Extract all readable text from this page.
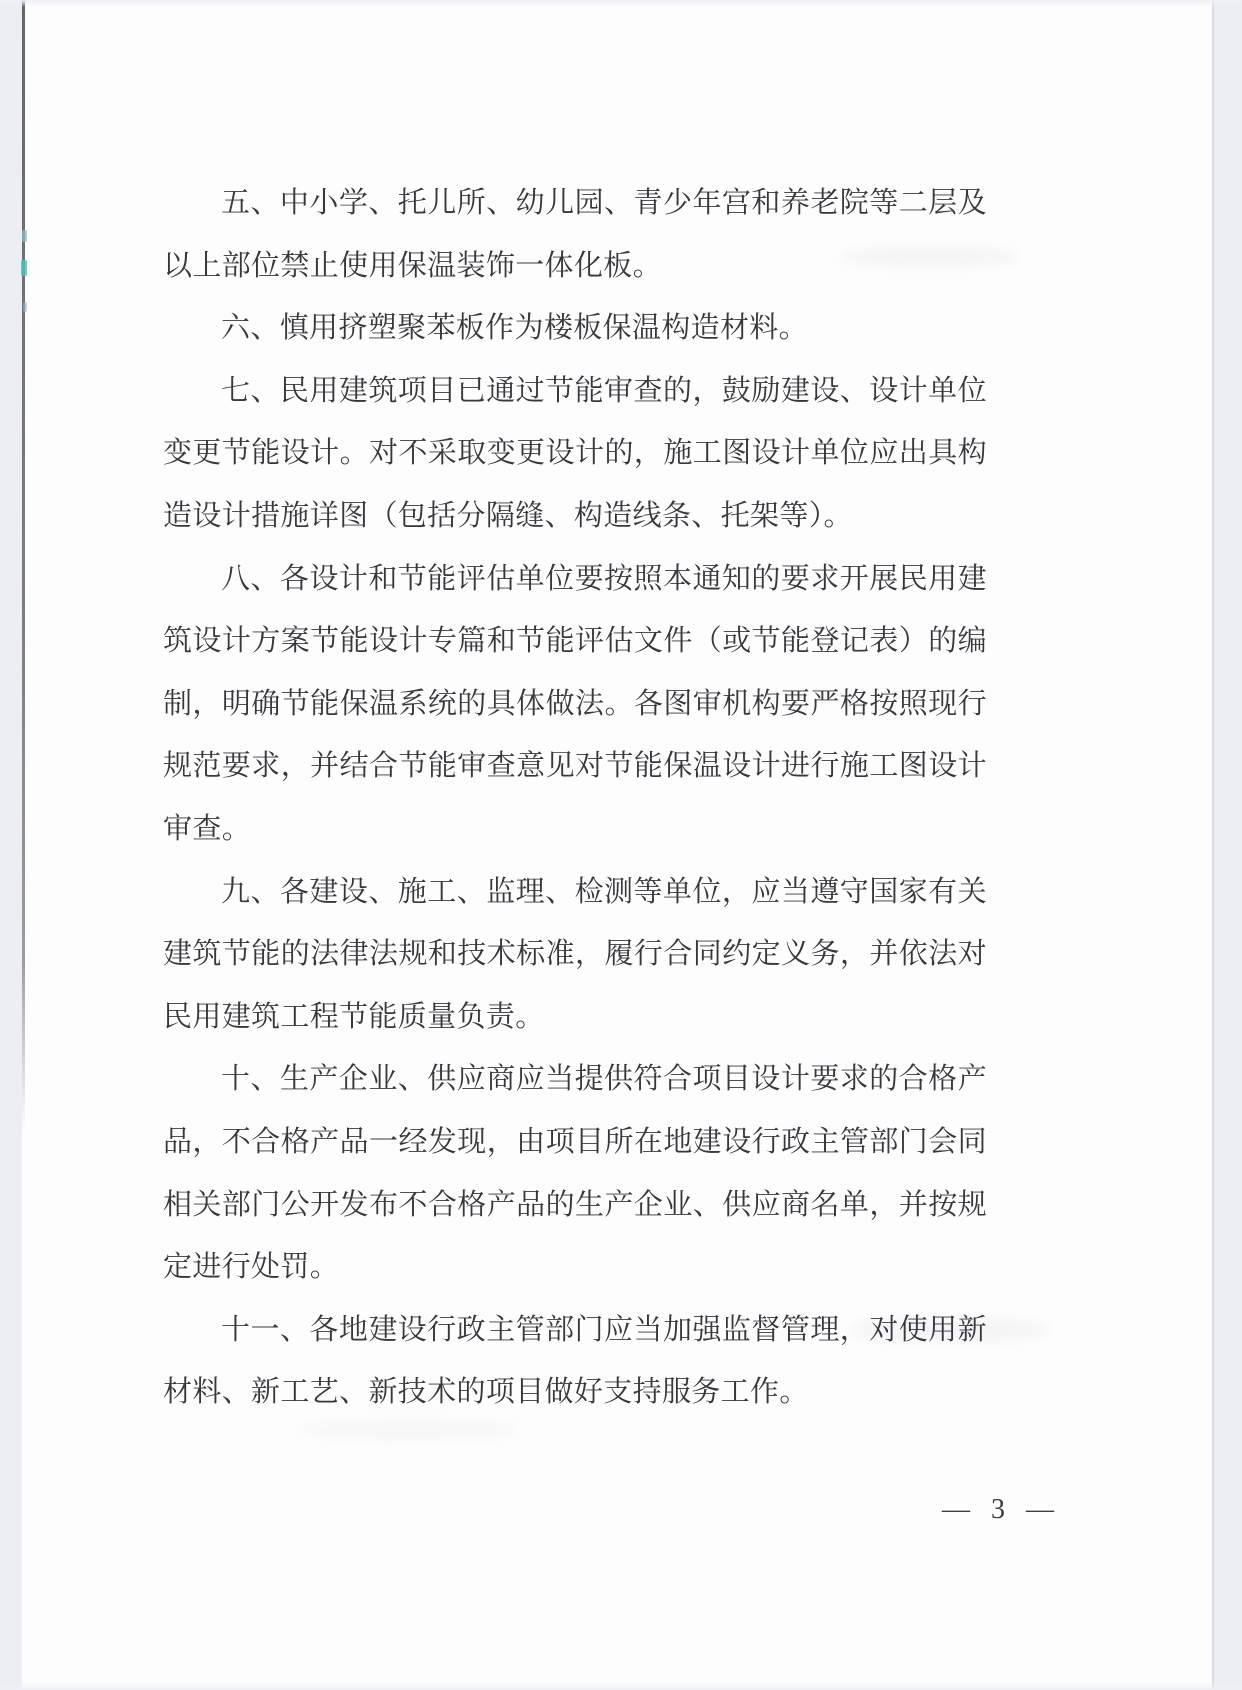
五、中小学、托儿所、幼儿园、青少年宫和养老院等二层及以上部位禁止使用保温装饰一体化板。

六、慎用挤塑聚苯板作为楼板保温构造材料。

七、民用建筑项目已通过节能审查的，鼓励建设、设计单位变更节能设计。对不采取变更设计的，施工图设计单位应出具构造设计措施详图（包括分隔缝、构造线条、托架等）。

八、各设计和节能评估单位要按照本通知的要求开展民用建筑设计方案节能设计专篇和节能评估文件（或节能登记表）的编制，明确节能保温系统的具体做法。各图审机构要严格按照现行规范要求，并结合节能审查意见对节能保温设计进行施工图设计审查。

九、各建设、施工、监理、检测等单位，应当遵守国家有关建筑节能的法律法规和技术标准，履行合同约定义务，并依法对民用建筑工程节能质量负责。

十、生产企业、供应商应当提供符合项目设计要求的合格产品，不合格产品一经发现，由项目所在地建设行政主管部门会同相关部门公开发布不合格产品的生产企业、供应商名单，并按规定进行处罚。

十一、各地建设行政主管部门应当加强监督管理，对使用新材料、新工艺、新技术的项目做好支持服务工作。

— 3 —
